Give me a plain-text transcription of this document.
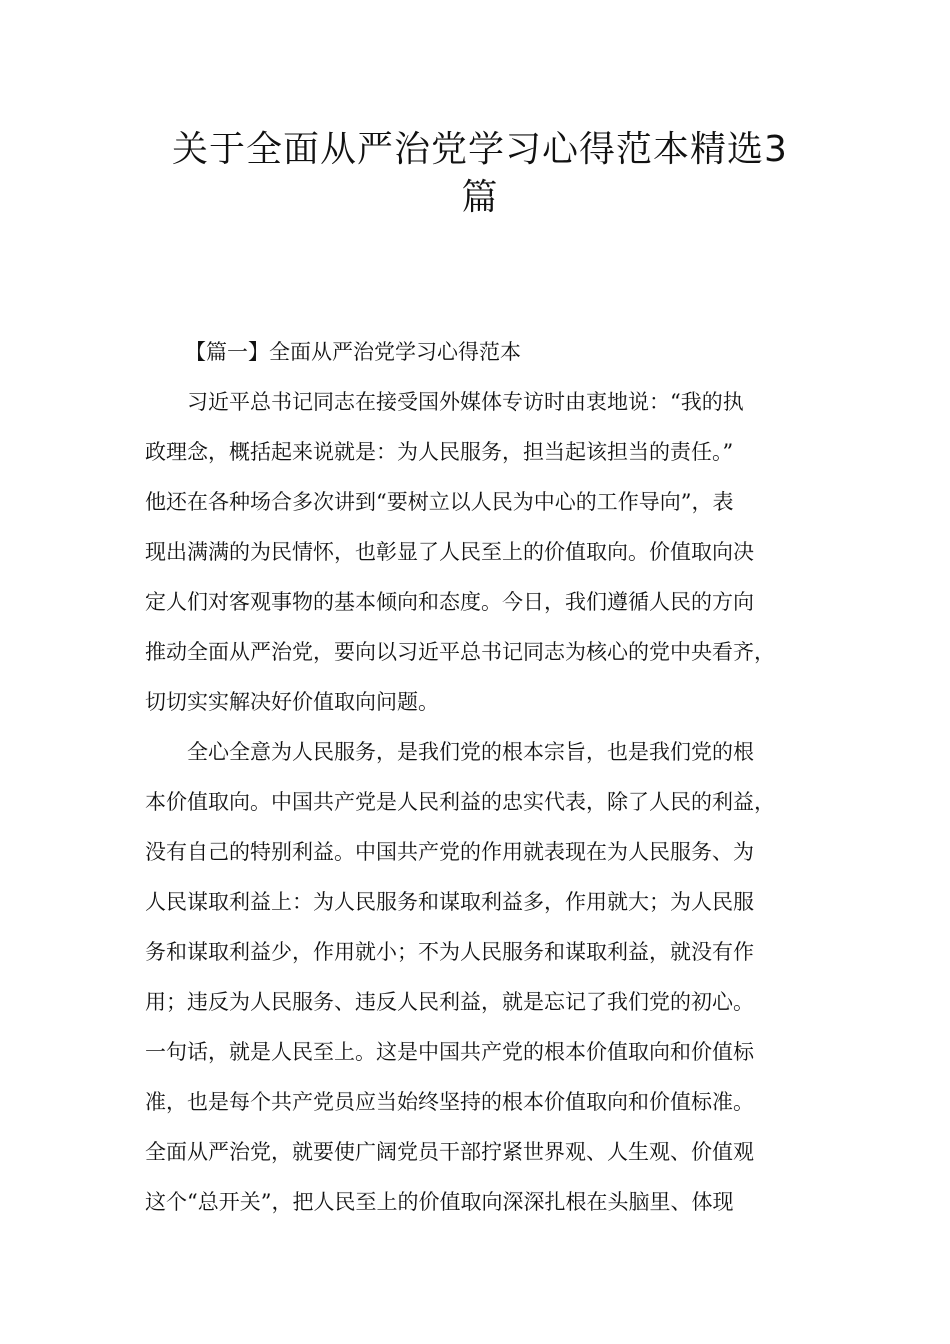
关于全面从严治党学习心得范本精选3
篇
【篇一】全面从严治党学习心得范本
习近平总书记同志在接受国外媒体专访时由衷地说：“我的执
政理念，概括起来说就是：为人民服务，担当起该担当的责任。”
他还在各种场合多次讲到“要树立以人民为中心的工作导向”，表
现出满满的为民情怀，也彰显了人民至上的价值取向。价值取向决
定人们对客观事物的基本倾向和态度。今日，我们遵循人民的方向
推动全面从严治党，要向以习近平总书记同志为核心的党中央看齐，
切切实实解决好价值取向问题。
全心全意为人民服务，是我们党的根本宗旨，也是我们党的根
本价值取向。中国共产党是人民利益的忠实代表，除了人民的利益，
没有自己的特别利益。中国共产党的作用就表现在为人民服务、为
人民谋取利益上：为人民服务和谋取利益多，作用就大；为人民服
务和谋取利益少，作用就小；不为人民服务和谋取利益，就没有作
用；违反为人民服务、违反人民利益，就是忘记了我们党的初心。
一句话，就是人民至上。这是中国共产党的根本价值取向和价值标
准，也是每个共产党员应当始终坚持的根本价值取向和价值标准。
全面从严治党，就要使广阔党员干部拧紧世界观、人生观、价值观
这个“总开关”，把人民至上的价值取向深深扎根在头脑里、体现
